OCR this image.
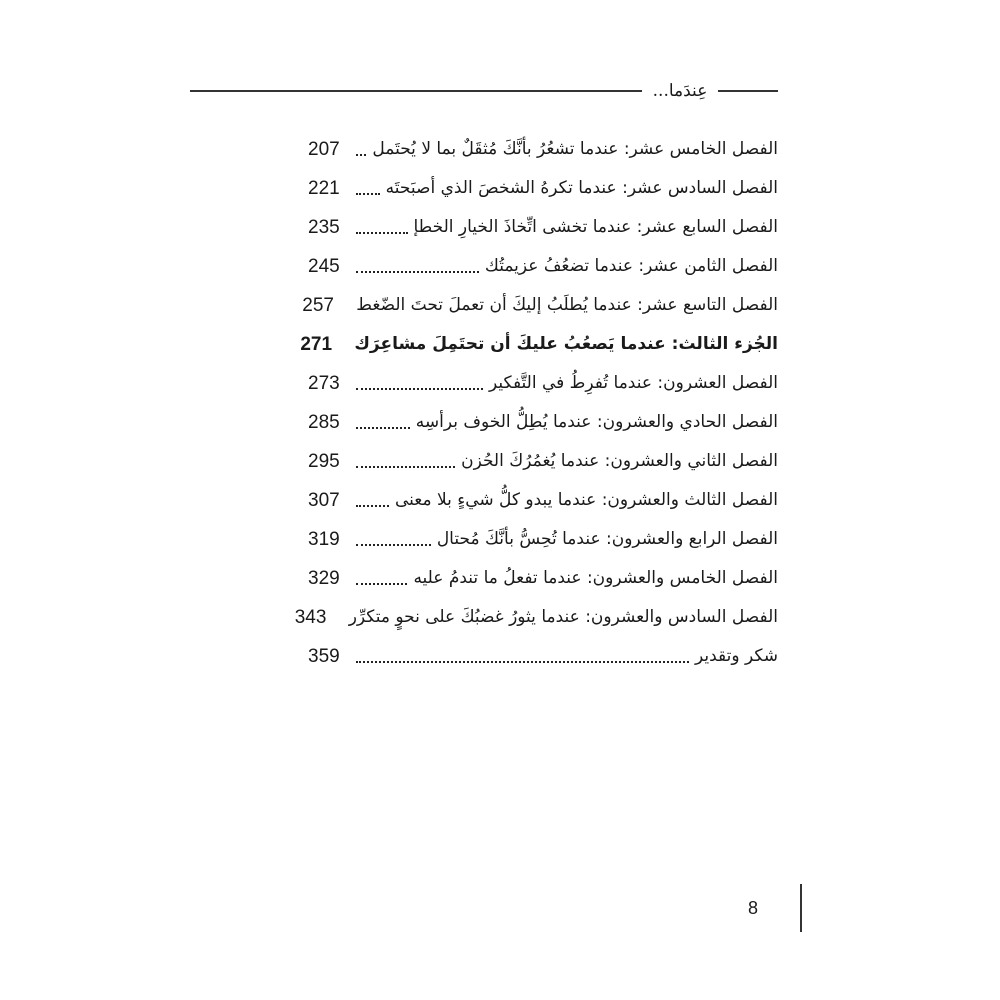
عِندَما...
الفصل الخامس عشر: عندما تشعُرُ بأنَّكَ مُثقَلٌ بما لا يُحتَمل
207
الفصل السادس عشر: عندما تكرهُ الشخصَ الذي أصبَحتَه
221
الفصل السابع عشر: عندما تخشى اتِّخاذَ الخيارِ الخطإ
235
الفصل الثامن عشر: عندما تضعُفُ عزيمتُك
245
الفصل التاسع عشر: عندما يُطلَبُ إليكَ أن تعملَ تحتَ الضّغط
257
الجُزء الثالث: عندما يَصعُبُ عليكَ أن تحتَمِلَ مشاعِرَك
271
الفصل العشرون: عندما تُفرِطُ في التَّفكير
273
الفصل الحادي والعشرون: عندما يُطِلُّ الخوف برأسِه
285
الفصل الثاني والعشرون: عندما يُغمُرُكَ الحُزن
295
الفصل الثالث والعشرون: عندما يبدو كلُّ شيءٍ بلا معنى
307
الفصل الرابع والعشرون: عندما تُحِسُّ بأنَّكَ مُحتال
319
الفصل الخامس والعشرون: عندما تفعلُ ما تندمُ عليه
329
الفصل السادس والعشرون: عندما يثورُ غضبُكَ على نحوٍ متكرِّر
343
شكر وتقدير
359
8
